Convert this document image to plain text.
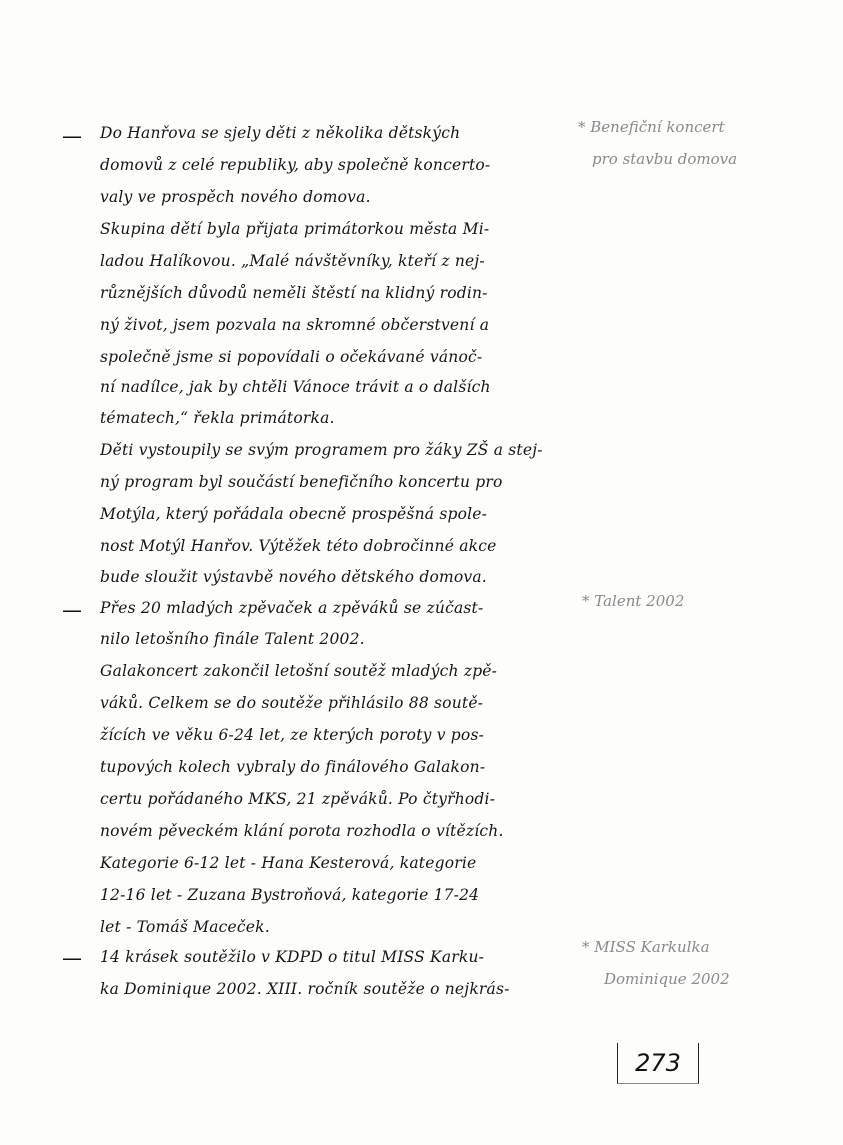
— Do Hanřova se sjely děti z několika dětských
domovů z celé republiky, aby společně koncerto-
valy ve prospěch nového domova.
Skupina dětí byla přijata primátorkou města Mi-
ladou Halíkovou. „Malé návštěvníky, kteří z nej-
různějších důvodů neměli štěstí na klidný rodin-
ný život, jsem pozvala na skromné občerstvení a
společně jsme si popovídali o očekávané vánoč-
ní nadílce, jak by chtěli Vánoce trávit a o dalších
tématech,“ řekla primátorka.
Děti vystoupily se svým programem pro žáky ZŠ a stej-
ný program byl součástí benefičního koncertu pro
Motýla, který pořádala obecně prospěšná spole-
nost Motýl Hanřov. Výtěžek této dobročinné akce
bude sloužit výstavbě nového dětského domova.
* Benefiční koncert
pro stavbu domova
— Přes 20 mladých zpěvaček a zpěváků se zúčast-
nilo letošního finále Talent 2002.
Galakoncert zakončil letošní soutěž mladých zpě-
váků. Celkem se do soutěže přihlásilo 88 soutě-
žících ve věku 6-24 let, ze kterých poroty v pos-
tupových kolech vybraly do finálového Galakon-
certu pořádaného MKS, 21 zpěváků. Po čtyřhodi-
novém pěveckém klání porota rozhodla o vítězích.
Kategorie 6-12 let - Hana Kesterová, kategorie
12-16 let - Zuzana Bystroňová, kategorie 17-24
let - Tomáš Maceček.
* Talent 2002
— 14 krásek soutěžilo v KDPD o titul MISS Karku-
ka Dominique 2002. XIII. ročník soutěže o nejkrás-
* MISS Karkulka
Dominique 2002
273
